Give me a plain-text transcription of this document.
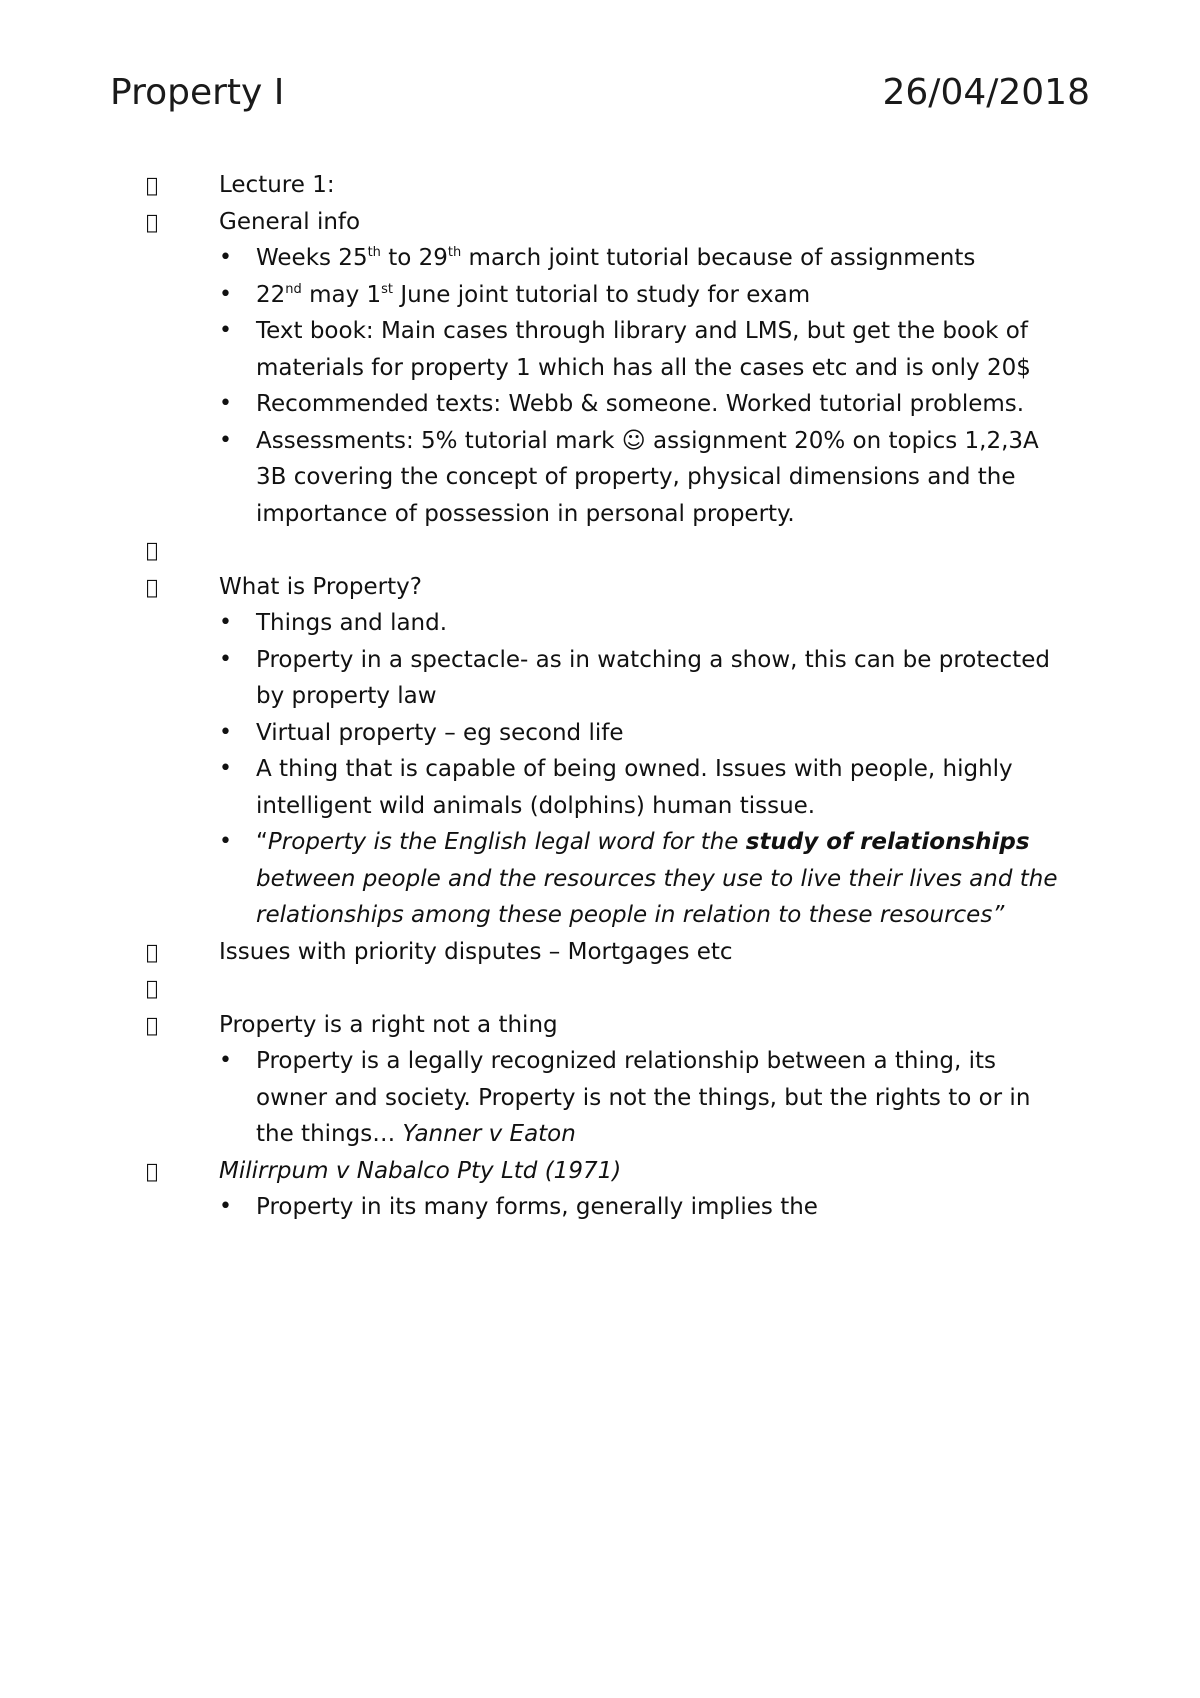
Property I	26/04/2018
Lecture 1:
General info
• Weeks 25th to 29th march joint tutorial because of assignments
• 22nd may 1st June joint tutorial to study for exam
• Text book: Main cases through library and LMS, but get the book of materials for property 1 which has all the cases etc and is only 20$
• Recommended texts: Webb & someone. Worked tutorial problems.
• Assessments: 5% tutorial mark ☺ assignment 20% on topics 1,2,3A 3B covering the concept of property, physical dimensions and the importance of possession in personal property.
What is Property?
• Things and land.
• Property in a spectacle- as in watching a show, this can be protected by property law
• Virtual property – eg second life
• A thing that is capable of being owned. Issues with people, highly intelligent wild animals (dolphins) human tissue.
• “Property is the English legal word for the study of relationships between people and the resources they use to live their lives and the relationships among these people in relation to these resources”
Issues with priority disputes – Mortgages etc
Property is a right not a thing
• Property is a legally recognized relationship between a thing, its owner and society. Property is not the things, but the rights to or in the things… Yanner v Eaton
Milirrpum v Nabalco Pty Ltd (1971)
• Property in its many forms, generally implies the
